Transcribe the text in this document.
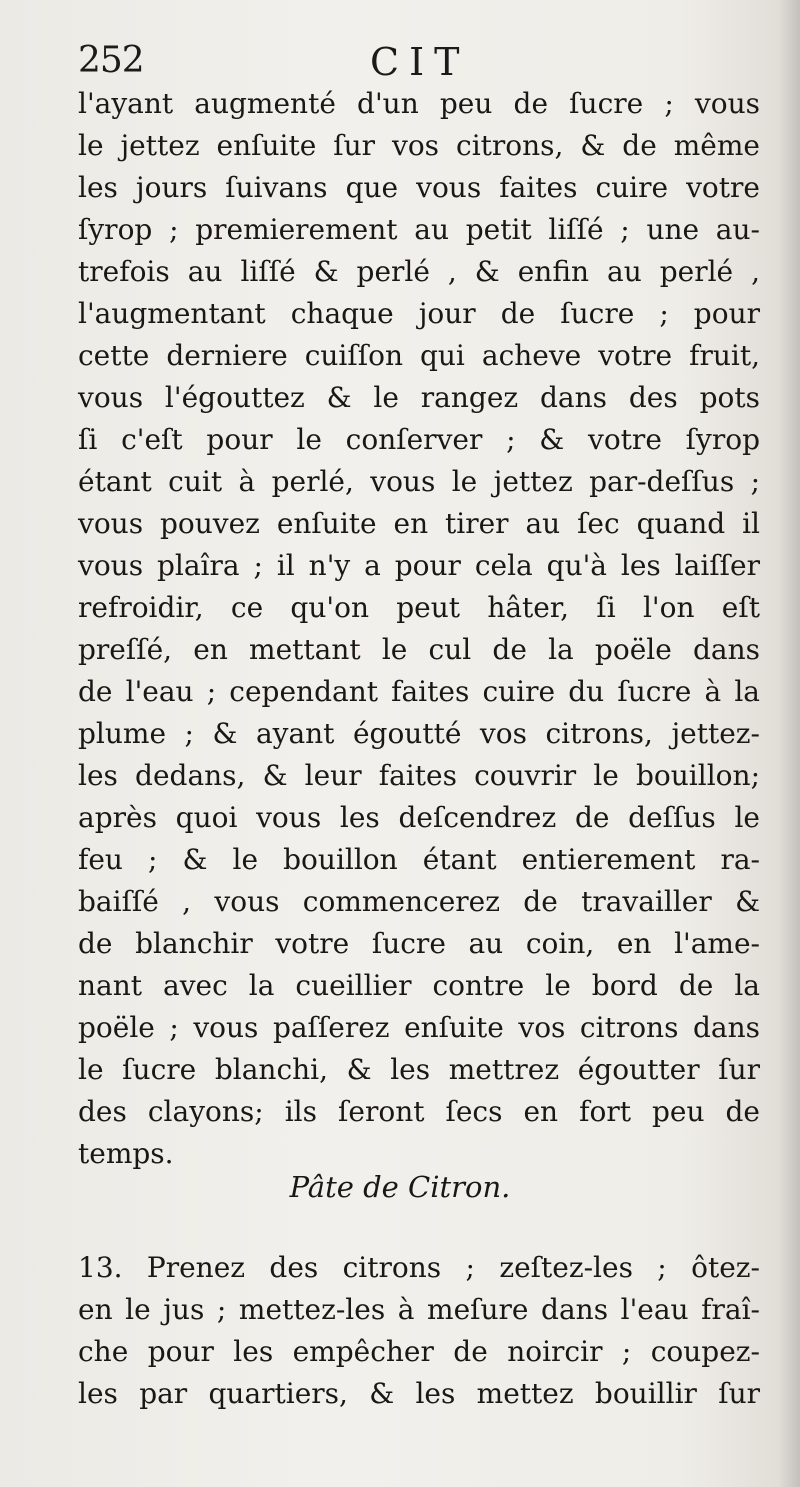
252	CIT
l'ayant augmenté d'un peu de ſucre ; vous
le jettez enſuite ſur vos citrons, & de même
les jours ſuivans que vous faites cuire votre
ſyrop ; premierement au petit liſſé ; une au-
trefois au liſſé & perlé , & enfin au perlé ,
l'augmentant chaque jour de ſucre ; pour
cette derniere cuiſſon qui acheve votre fruit,
vous l'égouttez & le rangez dans des pots
ſi c'eſt pour le conſerver ; & votre ſyrop
étant cuit à perlé, vous le jettez par-deſſus ;
vous pouvez enſuite en tirer au ſec quand il
vous plaîra ; il n'y a pour cela qu'à les laiſſer
refroidir, ce qu'on peut hâter, ſi l'on eſt
preſſé, en mettant le cul de la poële dans
de l'eau ; cependant faites cuire du ſucre à la
plume ; & ayant égoutté vos citrons, jettez-
les dedans, & leur faites couvrir le bouillon;
après quoi vous les deſcendrez de deſſus le
feu ; & le bouillon étant entierement ra-
baiſſé , vous commencerez de travailler &
de blanchir votre ſucre au coin, en l'ame-
nant avec la cueillier contre le bord de la
poële ; vous paſſerez enſuite vos citrons dans
le ſucre blanchi, & les mettrez égoutter ſur
des clayons; ils ſeront ſecs en fort peu de
temps.
Pâte de Citron.
13. Prenez des citrons ; zeſtez-les ; ôtez-
en le jus ; mettez-les à meſure dans l'eau fraî-
che pour les empêcher de noircir ; coupez-
les par quartiers, & les mettez bouillir ſur
